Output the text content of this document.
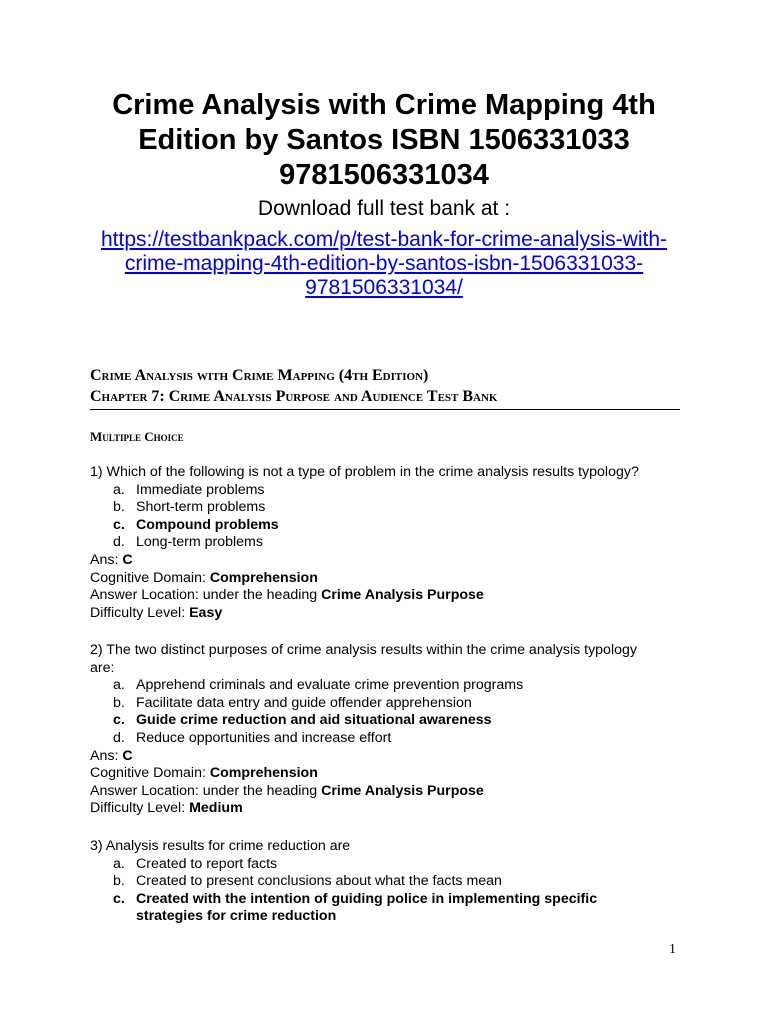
Crime Analysis with Crime Mapping 4th
Edition by Santos ISBN 1506331033
9781506331034
Download full test bank at :
https://testbankpack.com/p/test-bank-for-crime-analysis-with-
crime-mapping-4th-edition-by-santos-isbn-1506331033-
9781506331034/
Crime Analysis with Crime Mapping (4th Edition)
Chapter 7: Crime Analysis Purpose and Audience Test Bank
Multiple Choice

1) Which of the following is not a type of problem in the crime analysis results typology?

a. Immediate problems
b. Short-term problems
c. Compound problems
d. Long-term problems

Ans: C

Cognitive Domain: Comprehension

Answer Location: under the heading Crime Analysis Purpose

Difficulty Level: Easy

2) The two distinct purposes of crime analysis results within the crime analysis typology

are:

a. Apprehend criminals and evaluate crime prevention programs
b. Facilitate data entry and guide offender apprehension
c. Guide crime reduction and aid situational awareness
d. Reduce opportunities and increase effort

Ans: C

Cognitive Domain: Comprehension

Answer Location: under the heading Crime Analysis Purpose

Difficulty Level: Medium

3) Analysis results for crime reduction are

a. Created to report facts
b. Created to present conclusions about what the facts mean
c. Created with the intention of guiding police in implementing specific
strategies for crime reduction
1
